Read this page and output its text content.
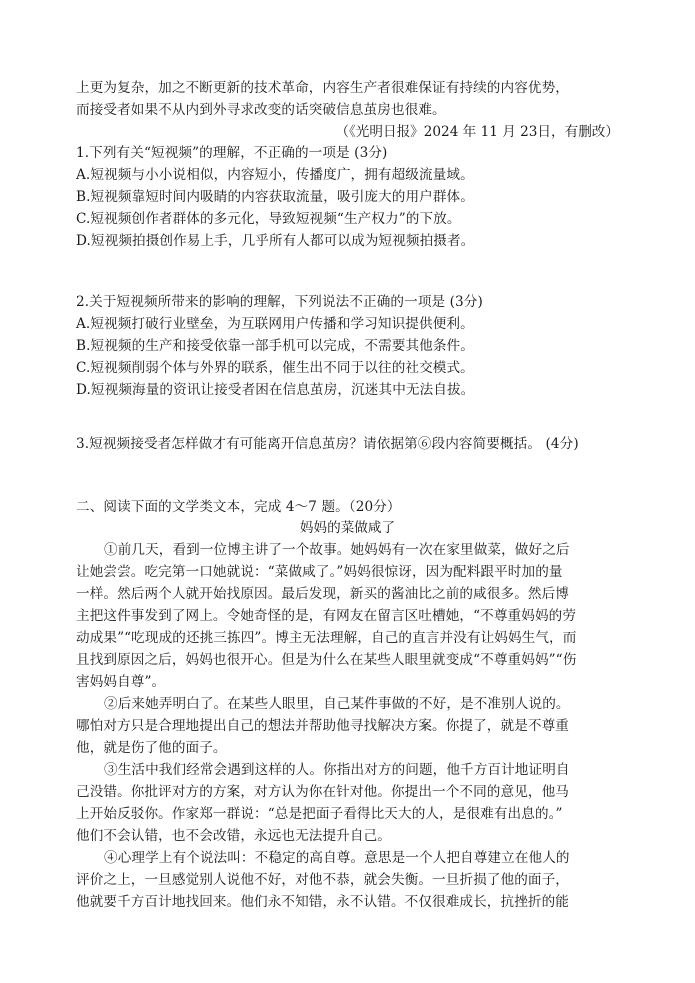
上更为复杂，加之不断更新的技术革命，内容生产者很难保证有持续的内容优势，
而接受者如果不从内到外寻求改变的话突破信息茧房也很难。
（《光明日报》2024 年 11 月 23日，有删改）
1.下列有关“短视频”的理解，不正确的一项是 (3分)
A.短视频与小小说相似，内容短小，传播度广，拥有超级流量域。
B.短视频靠短时间内吸睛的内容获取流量，吸引庞大的用户群体。
C.短视频创作者群体的多元化，导致短视频“生产权力”的下放。
D.短视频拍摄创作易上手，几乎所有人都可以成为短视频拍摄者。
2.关于短视频所带来的影响的理解，下列说法不正确的一项是 (3分)
A.短视频打破行业壁垒，为互联网用户传播和学习知识提供便利。
B.短视频的生产和接受依靠一部手机可以完成，不需要其他条件。
C.短视频削弱个体与外界的联系，催生出不同于以往的社交模式。
D.短视频海量的资讯让接受者困在信息茧房，沉迷其中无法自拔。
3.短视频接受者怎样做才有可能离开信息茧房？请依据第⑥段内容简要概括。 (4分)
二、阅读下面的文学类文本，完成 4～7 题。（20分）
妈妈的菜做咸了
①前几天，看到一位博主讲了一个故事。她妈妈有一次在家里做菜，做好之后
让她尝尝。吃完第一口她就说：“菜做咸了。”妈妈很惊讶，因为配料跟平时加的量
一样。然后两个人就开始找原因。最后发现，新买的酱油比之前的咸很多。然后博
主把这件事发到了网上。令她奇怪的是，有网友在留言区吐槽她，“不尊重妈妈的劳
动成果”“吃现成的还挑三拣四”。博主无法理解，自己的直言并没有让妈妈生气，而
且找到原因之后，妈妈也很开心。但是为什么在某些人眼里就变成“不尊重妈妈”“伤
害妈妈自尊”。
②后来她弄明白了。在某些人眼里，自己某件事做的不好，是不准别人说的。
哪怕对方只是合理地提出自己的想法并帮助他寻找解决方案。你提了，就是不尊重
他，就是伤了他的面子。
③生活中我们经常会遇到这样的人。你指出对方的问题，他千方百计地证明自
己没错。你批评对方的方案，对方认为你在针对他。你提出一个不同的意见，他马
上开始反驳你。作家郑一群说：“总是把面子看得比天大的人，是很难有出息的。”
他们不会认错，也不会改错，永远也无法提升自己。
④心理学上有个说法叫：不稳定的高自尊。意思是一个人把自尊建立在他人的
评价之上，一旦感觉别人说他不好，对他不恭，就会失衡。一旦折损了他的面子，
他就要千方百计地找回来。他们永不知错，永不认错。不仅很难成长，抗挫折的能
